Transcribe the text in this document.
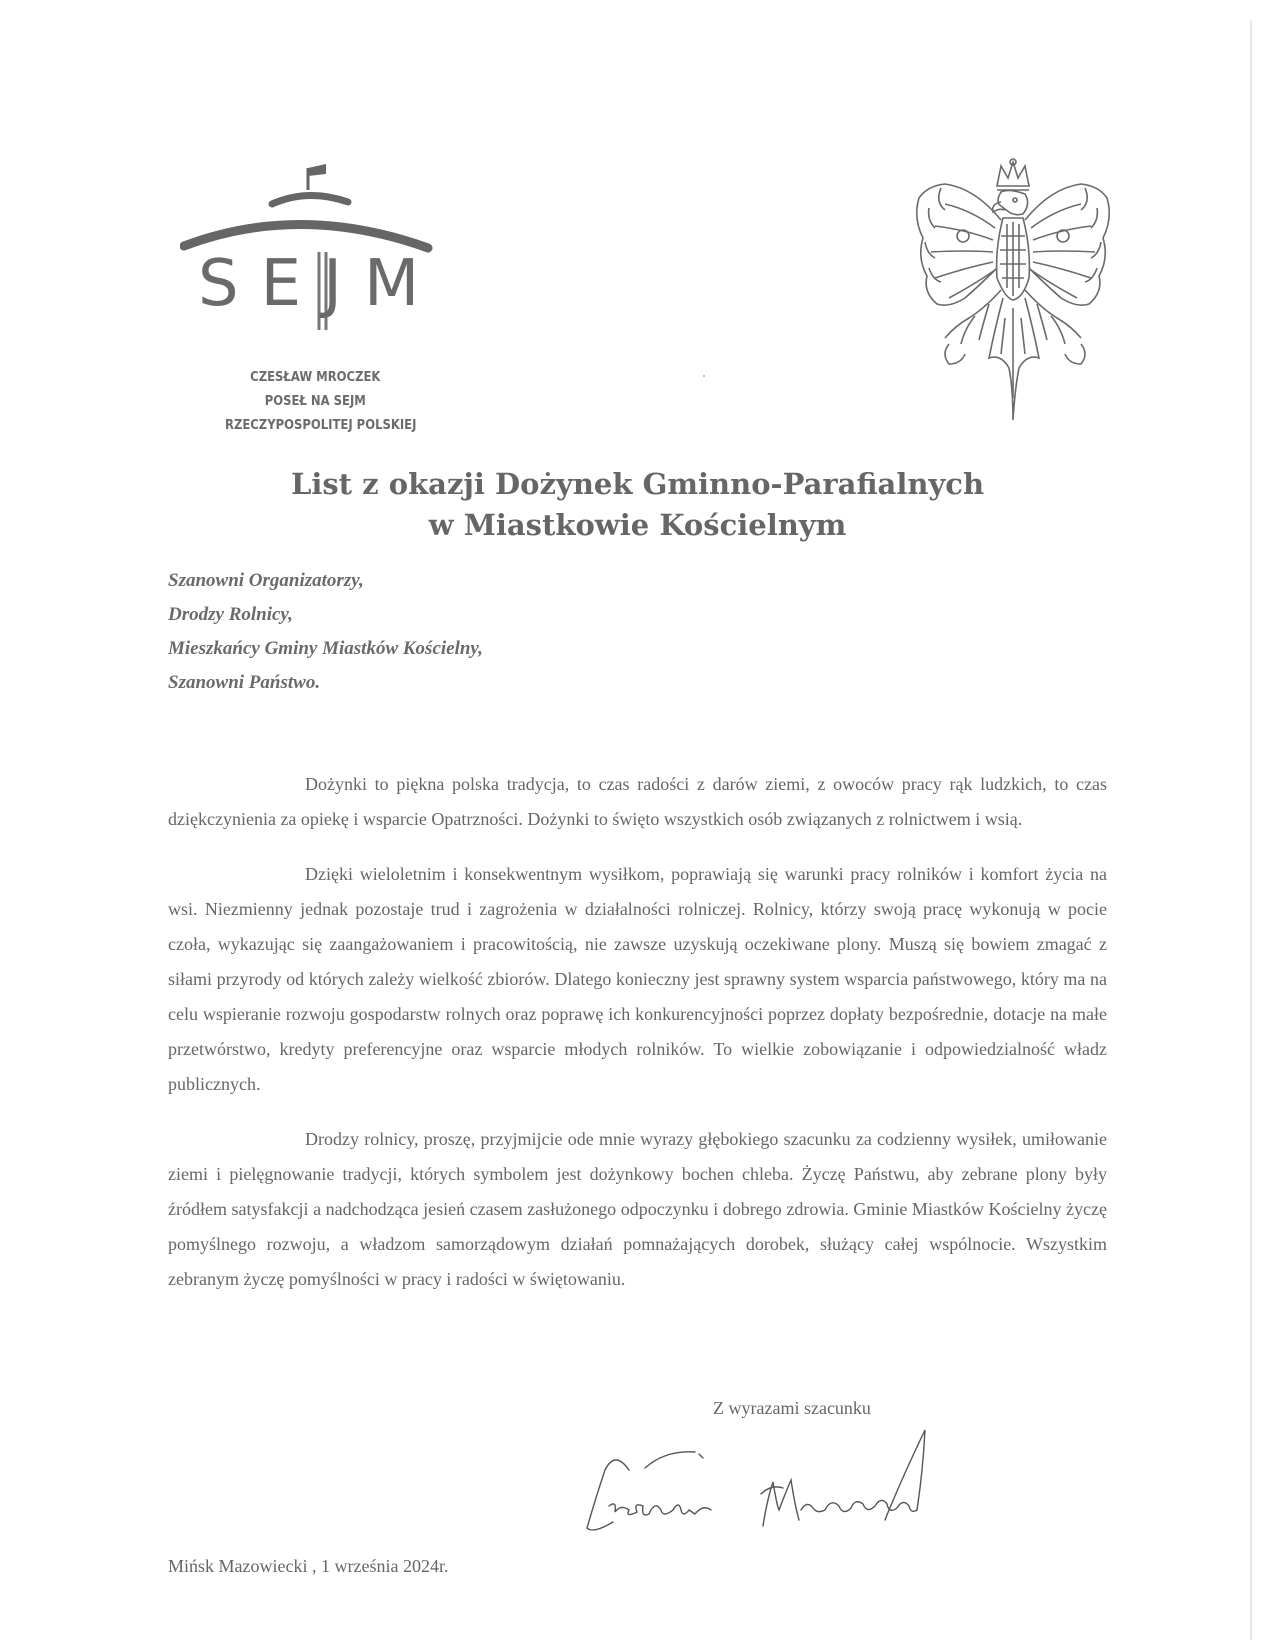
SEJM
CZESŁAW MROCZEK
POSEŁ NA SEJM
RZECZYPOSPOLITEJ POLSKIEJ
List z okazji Dożynek Gminno-Parafialnych
w Miastkowie Kościelnym
Szanowni Organizatorzy,
Drodzy Rolnicy,
Mieszkańcy Gminy Miastków Kościelny,
Szanowni Państwo.

Dożynki to piękna polska tradycja, to czas radości z darów ziemi, z owoców pracy rąk ludzkich, to czas dziękczynienia za opiekę i wsparcie Opatrzności. Dożynki to święto wszystkich osób związanych z rolnictwem i wsią.

Dzięki wieloletnim i konsekwentnym wysiłkom, poprawiają się warunki pracy rolników i komfort życia na wsi. Niezmienny jednak pozostaje trud i zagrożenia w działalności rolniczej. Rolnicy, którzy swoją pracę wykonują w pocie czoła, wykazując się zaangażowaniem i pracowitością, nie zawsze uzyskują oczekiwane plony. Muszą się bowiem zmagać z siłami przyrody od których zależy wielkość zbiorów. Dlatego konieczny jest sprawny system wsparcia państwowego, który ma na celu wspieranie rozwoju gospodarstw rolnych oraz poprawę ich konkurencyjności poprzez dopłaty bezpośrednie, dotacje na małe przetwórstwo, kredyty preferencyjne oraz wsparcie młodych rolników. To wielkie zobowiązanie i odpowiedzialność władz publicznych.

Drodzy rolnicy, proszę, przyjmijcie ode mnie wyrazy głębokiego szacunku za codzienny wysiłek, umiłowanie ziemi i pielęgnowanie tradycji, których symbolem jest dożynkowy bochen chleba. Życzę Państwu, aby zebrane plony były źródłem satysfakcji a nadchodząca jesień czasem zasłużonego odpoczynku i dobrego zdrowia. Gminie Miastków Kościelny życzę pomyślnego rozwoju, a władzom samorządowym działań pomnażających dorobek, służący całej wspólnocie. Wszystkim zebranym życzę pomyślności w pracy i radości w świętowaniu.

Z wyrazami szacunku
Mińsk Mazowiecki , 1 września 2024r.
